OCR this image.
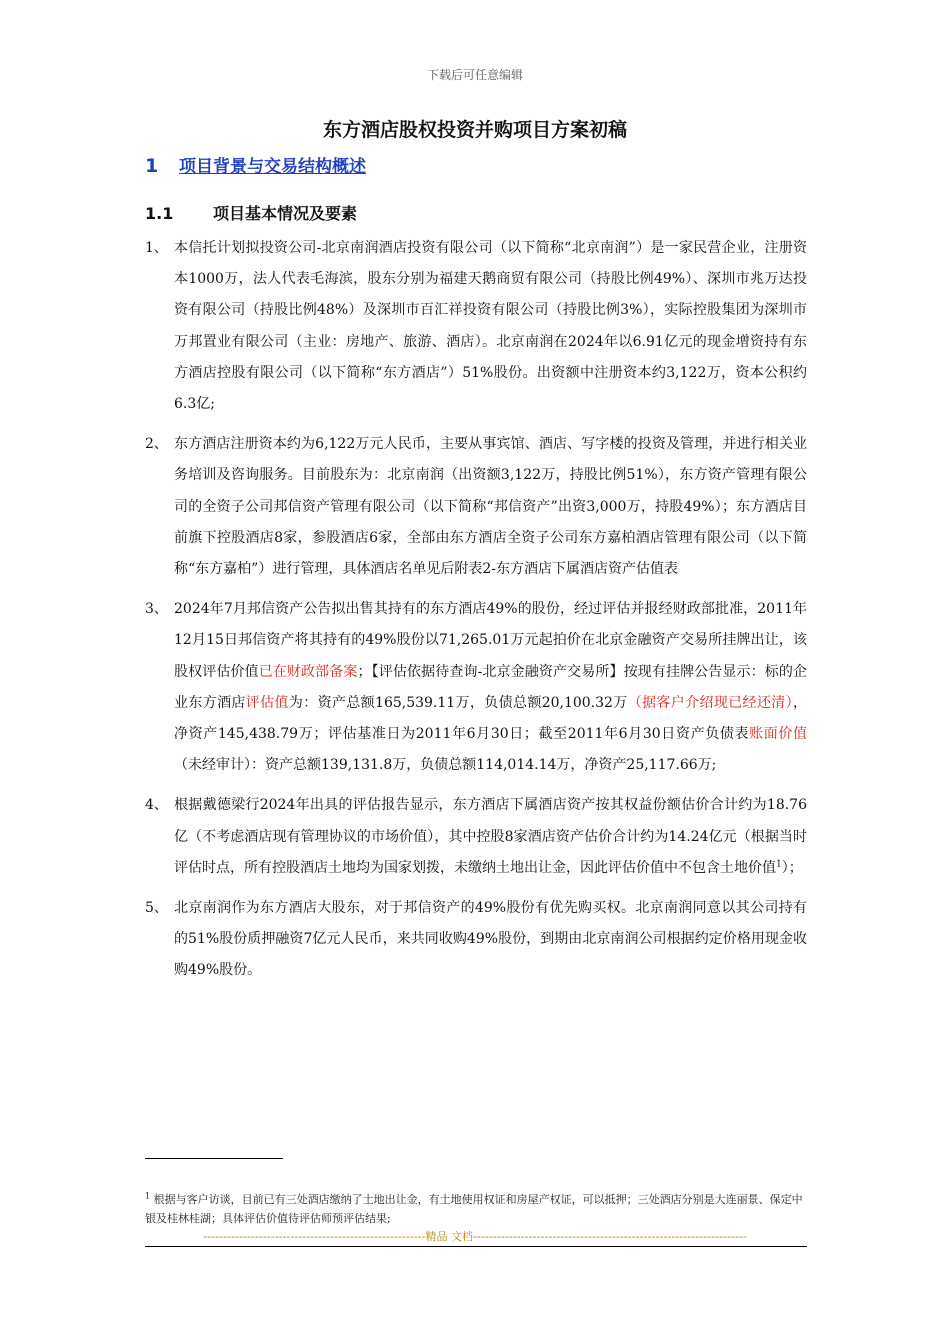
下载后可任意编辑
东方酒店股权投资并购项目方案初稿
1	项目背景与交易结构概述
1.1 项目基本情况及要素
1、 本信托计划拟投资公司-北京南润酒店投资有限公司（以下简称“北京南润”）是一家民营企业，注册资本1000万，法人代表毛海滨，股东分别为福建天鹅商贸有限公司（持股比例49%）、深圳市兆万达投资有限公司（持股比例48%）及深圳市百汇祥投资有限公司（持股比例3%），实际控股集团为深圳市万邦置业有限公司（主业：房地产、旅游、酒店）。北京南润在2024年以6.91亿元的现金增资持有东方酒店控股有限公司（以下简称“东方酒店”）51%股份。出资额中注册资本约3,122万，资本公积约6.3亿;
2、 东方酒店注册资本约为6,122万元人民币，主要从事宾馆、酒店、写字楼的投资及管理，并进行相关业务培训及咨询服务。目前股东为：北京南润（出资额3,122万，持股比例51%），东方资产管理有限公司的全资子公司邦信资产管理有限公司（以下简称“邦信资产”出资3,000万，持股49%）；东方酒店目前旗下控股酒店8家，参股酒店6家，全部由东方酒店全资子公司东方嘉柏酒店管理有限公司（以下简称“东方嘉柏”）进行管理，具体酒店名单见后附表2-东方酒店下属酒店资产估值表
3、 2024年7月邦信资产公告拟出售其持有的东方酒店49%的股份，经过评估并报经财政部批准，2011年12月15日邦信资产将其持有的49%股份以71,265.01万元起拍价在北京金融资产交易所挂牌出让，该股权评估价值已在财政部备案；【评估依据待查询-北京金融资产交易所】按现有挂牌公告显示：标的企业东方酒店评估值为：资产总额165,539.11万，负债总额20,100.32万（据客户介绍现已经还清），净资产145,438.79万；评估基准日为2011年6月30日；截至2011年6月30日资产负债表账面价值（未经审计）：资产总额139,131.8万，负债总额114,014.14万，净资产25,117.66万;
4、 根据戴德梁行2024年出具的评估报告显示，东方酒店下属酒店资产按其权益份额估价合计约为18.76亿（不考虑酒店现有管理协议的市场价值），其中控股8家酒店资产估价合计约为14.24亿元（根据当时评估时点，所有控股酒店土地均为国家划拨，未缴纳土地出让金，因此评估价值中不包含土地价值$^1$）；
5、 北京南润作为东方酒店大股东，对于邦信资产的49%股份有优先购买权。北京南润同意以其公司持有的51%股份质押融资7亿元人民币，来共同收购49%股份，到期由北京南润公司根据约定价格用现金收购49%股份。
$^1$ 根据与客户访谈，目前已有三处酒店缴纳了土地出让金，有土地使用权证和房屋产权证，可以抵押；三处酒店分别是大连丽景、保定中银及桂林桂湖；具体评估价值待评估师预评估结果;
--------------------------------------------------------精品 文档---------------------------------------------------------------------
